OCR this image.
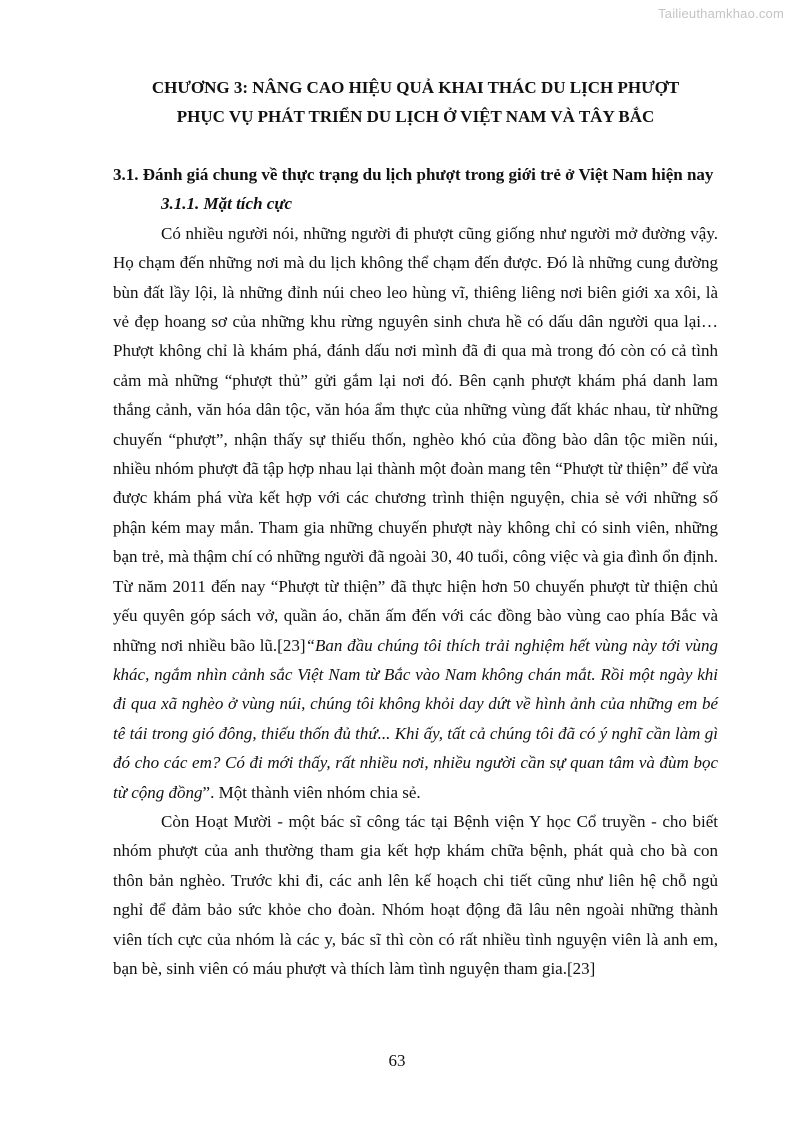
Tailieuthamkhao.com
CHƯƠNG 3: NÂNG CAO HIỆU QUẢ KHAI THÁC DU LỊCH PHƯỢT
PHỤC VỤ PHÁT TRIỂN DU LỊCH Ở VIỆT NAM VÀ TÂY BẮC
3.1. Đánh giá chung về thực trạng du lịch phượt trong giới trẻ ở Việt Nam hiện nay
3.1.1. Mặt tích cực

Có nhiều người nói, những người đi phượt cũng giống như người mở đường vậy. Họ chạm đến những nơi mà du lịch không thể chạm đến được. Đó là những cung đường bùn đất lầy lội, là những đỉnh núi cheo leo hùng vĩ, thiêng liêng nơi biên giới xa xôi, là vẻ đẹp hoang sơ của những khu rừng nguyên sinh chưa hề có dấu dân người qua lại… Phượt không chỉ là khám phá, đánh dấu nơi mình đã đi qua mà trong đó còn có cả tình cảm mà những “phượt thủ” gửi gắm lại nơi đó. Bên cạnh phượt khám phá danh lam thắng cảnh, văn hóa dân tộc, văn hóa ẩm thực của những vùng đất khác nhau, từ những chuyến “phượt”, nhận thấy sự thiếu thốn, nghèo khó của đồng bào dân tộc miền núi, nhiều nhóm phượt đã tập hợp nhau lại thành một đoàn mang tên “Phượt từ thiện” để vừa được khám phá vừa kết hợp với các chương trình thiện nguyện, chia sẻ với những số phận kém may mắn. Tham gia những chuyến phượt này không chỉ có sinh viên, những bạn trẻ, mà thậm chí có những người đã ngoài 30, 40 tuổi, công việc và gia đình ổn định. Từ năm 2011 đến nay “Phượt từ thiện” đã thực hiện hơn 50 chuyến phượt từ thiện chủ yếu quyên góp sách vở, quần áo, chăn ấm đến với các đồng bào vùng cao phía Bắc và những nơi nhiều bão lũ.[23]“Ban đầu chúng tôi thích trải nghiệm hết vùng này tới vùng khác, ngắm nhìn cảnh sắc Việt Nam từ Bắc vào Nam không chán mắt. Rồi một ngày khi đi qua xã nghèo ở vùng núi, chúng tôi không khỏi day dứt về hình ảnh của những em bé tê tái trong gió đông, thiếu thốn đủ thứ... Khi ấy, tất cả chúng tôi đã có ý nghĩ cần làm gì đó cho các em? Có đi mới thấy, rất nhiều nơi, nhiều người cần sự quan tâm và đùm bọc từ cộng đồng”. Một thành viên nhóm chia sẻ.

Còn Hoạt Mười - một bác sĩ công tác tại Bệnh viện Y học Cổ truyền - cho biết nhóm phượt của anh thường tham gia kết hợp khám chữa bệnh, phát quà cho bà con thôn bản nghèo. Trước khi đi, các anh lên kế hoạch chi tiết cũng như liên hệ chỗ ngủ nghỉ để đảm bảo sức khỏe cho đoàn. Nhóm hoạt động đã lâu nên ngoài những thành viên tích cực của nhóm là các y, bác sĩ thì còn có rất nhiều tình nguyện viên là anh em, bạn bè, sinh viên có máu phượt và thích làm tình nguyện tham gia.[23]

63
